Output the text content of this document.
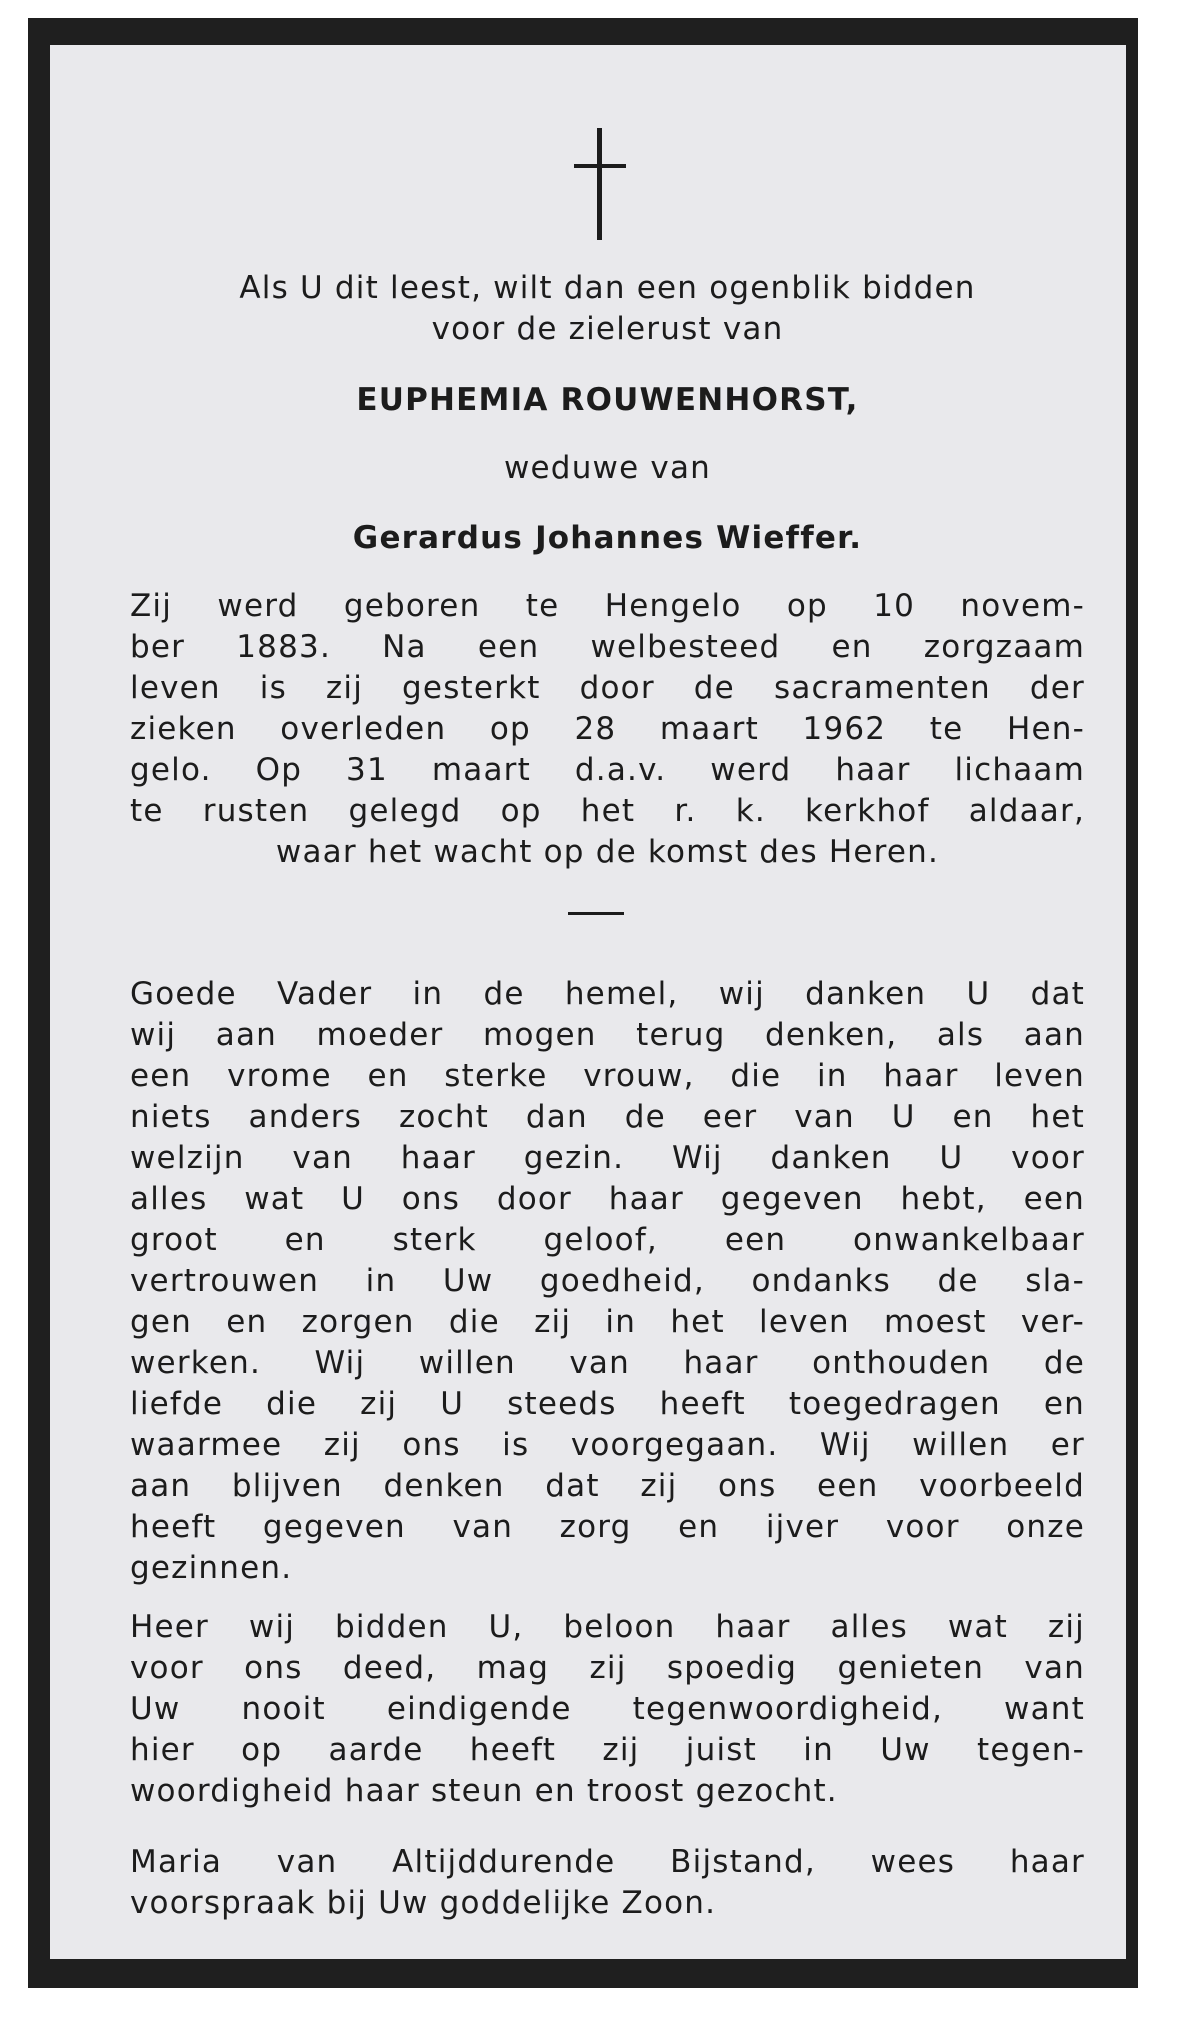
Als U dit leest, wilt dan een ogenblik bidden
voor de zielerust van
EUPHEMIA ROUWENHORST,
weduwe van
Gerardus Johannes Wieffer.
Zij werd geboren te Hengelo op 10 novem-
ber 1883. Na een welbesteed en zorgzaam
leven is zij gesterkt door de sacramenten der
zieken overleden op 28 maart 1962 te Hen-
gelo. Op 31 maart d.a.v. werd haar lichaam
te rusten gelegd op het r. k. kerkhof aldaar,
waar het wacht op de komst des Heren.
Goede Vader in de hemel, wij danken U dat
wij aan moeder mogen terug denken, als aan
een vrome en sterke vrouw, die in haar leven
niets anders zocht dan de eer van U en het
welzijn van haar gezin. Wij danken U voor
alles wat U ons door haar gegeven hebt, een
groot en sterk geloof, een onwankelbaar
vertrouwen in Uw goedheid, ondanks de sla-
gen en zorgen die zij in het leven moest ver-
werken. Wij willen van haar onthouden de
liefde die zij U steeds heeft toegedragen en
waarmee zij ons is voorgegaan. Wij willen er
aan blijven denken dat zij ons een voorbeeld
heeft gegeven van zorg en ijver voor onze
gezinnen.
Heer wij bidden U, beloon haar alles wat zij
voor ons deed, mag zij spoedig genieten van
Uw nooit eindigende tegenwoordigheid, want
hier op aarde heeft zij juist in Uw tegen-
woordigheid haar steun en troost gezocht.
Maria van Altijddurende Bijstand, wees haar
voorspraak bij Uw goddelijke Zoon.
